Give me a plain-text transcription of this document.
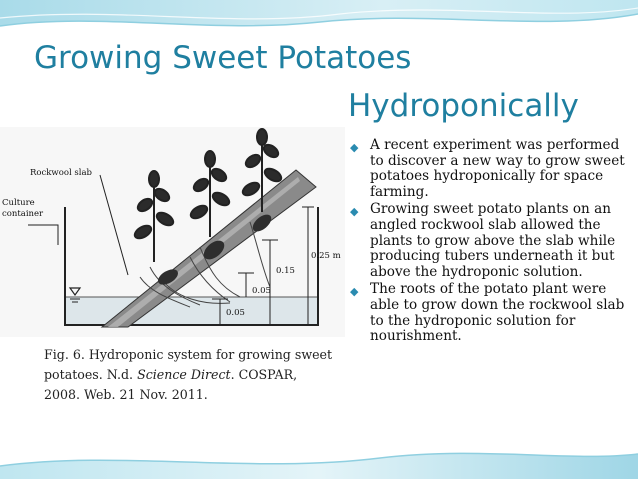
Growing Sweet Potatoes
Hydroponically
Rockwool slab
Culture
container
0.25 m
0.15
0.05
0.05
Fig. 6. Hydroponic system for growing sweet potatoes. N.d. Science Direct. COSPAR, 2008. Web. 21 Nov. 2011.
◆ A recent experiment was performed to discover a new way to grow sweet potatoes hydroponically for space farming.
◆ Growing sweet potato plants on an angled rockwool slab allowed the plants to grow above the slab while producing tubers underneath it but above the hydroponic solution.
◆ The roots of the potato plant were able to grow down the rockwool slab to the hydroponic solution for nourishment.
